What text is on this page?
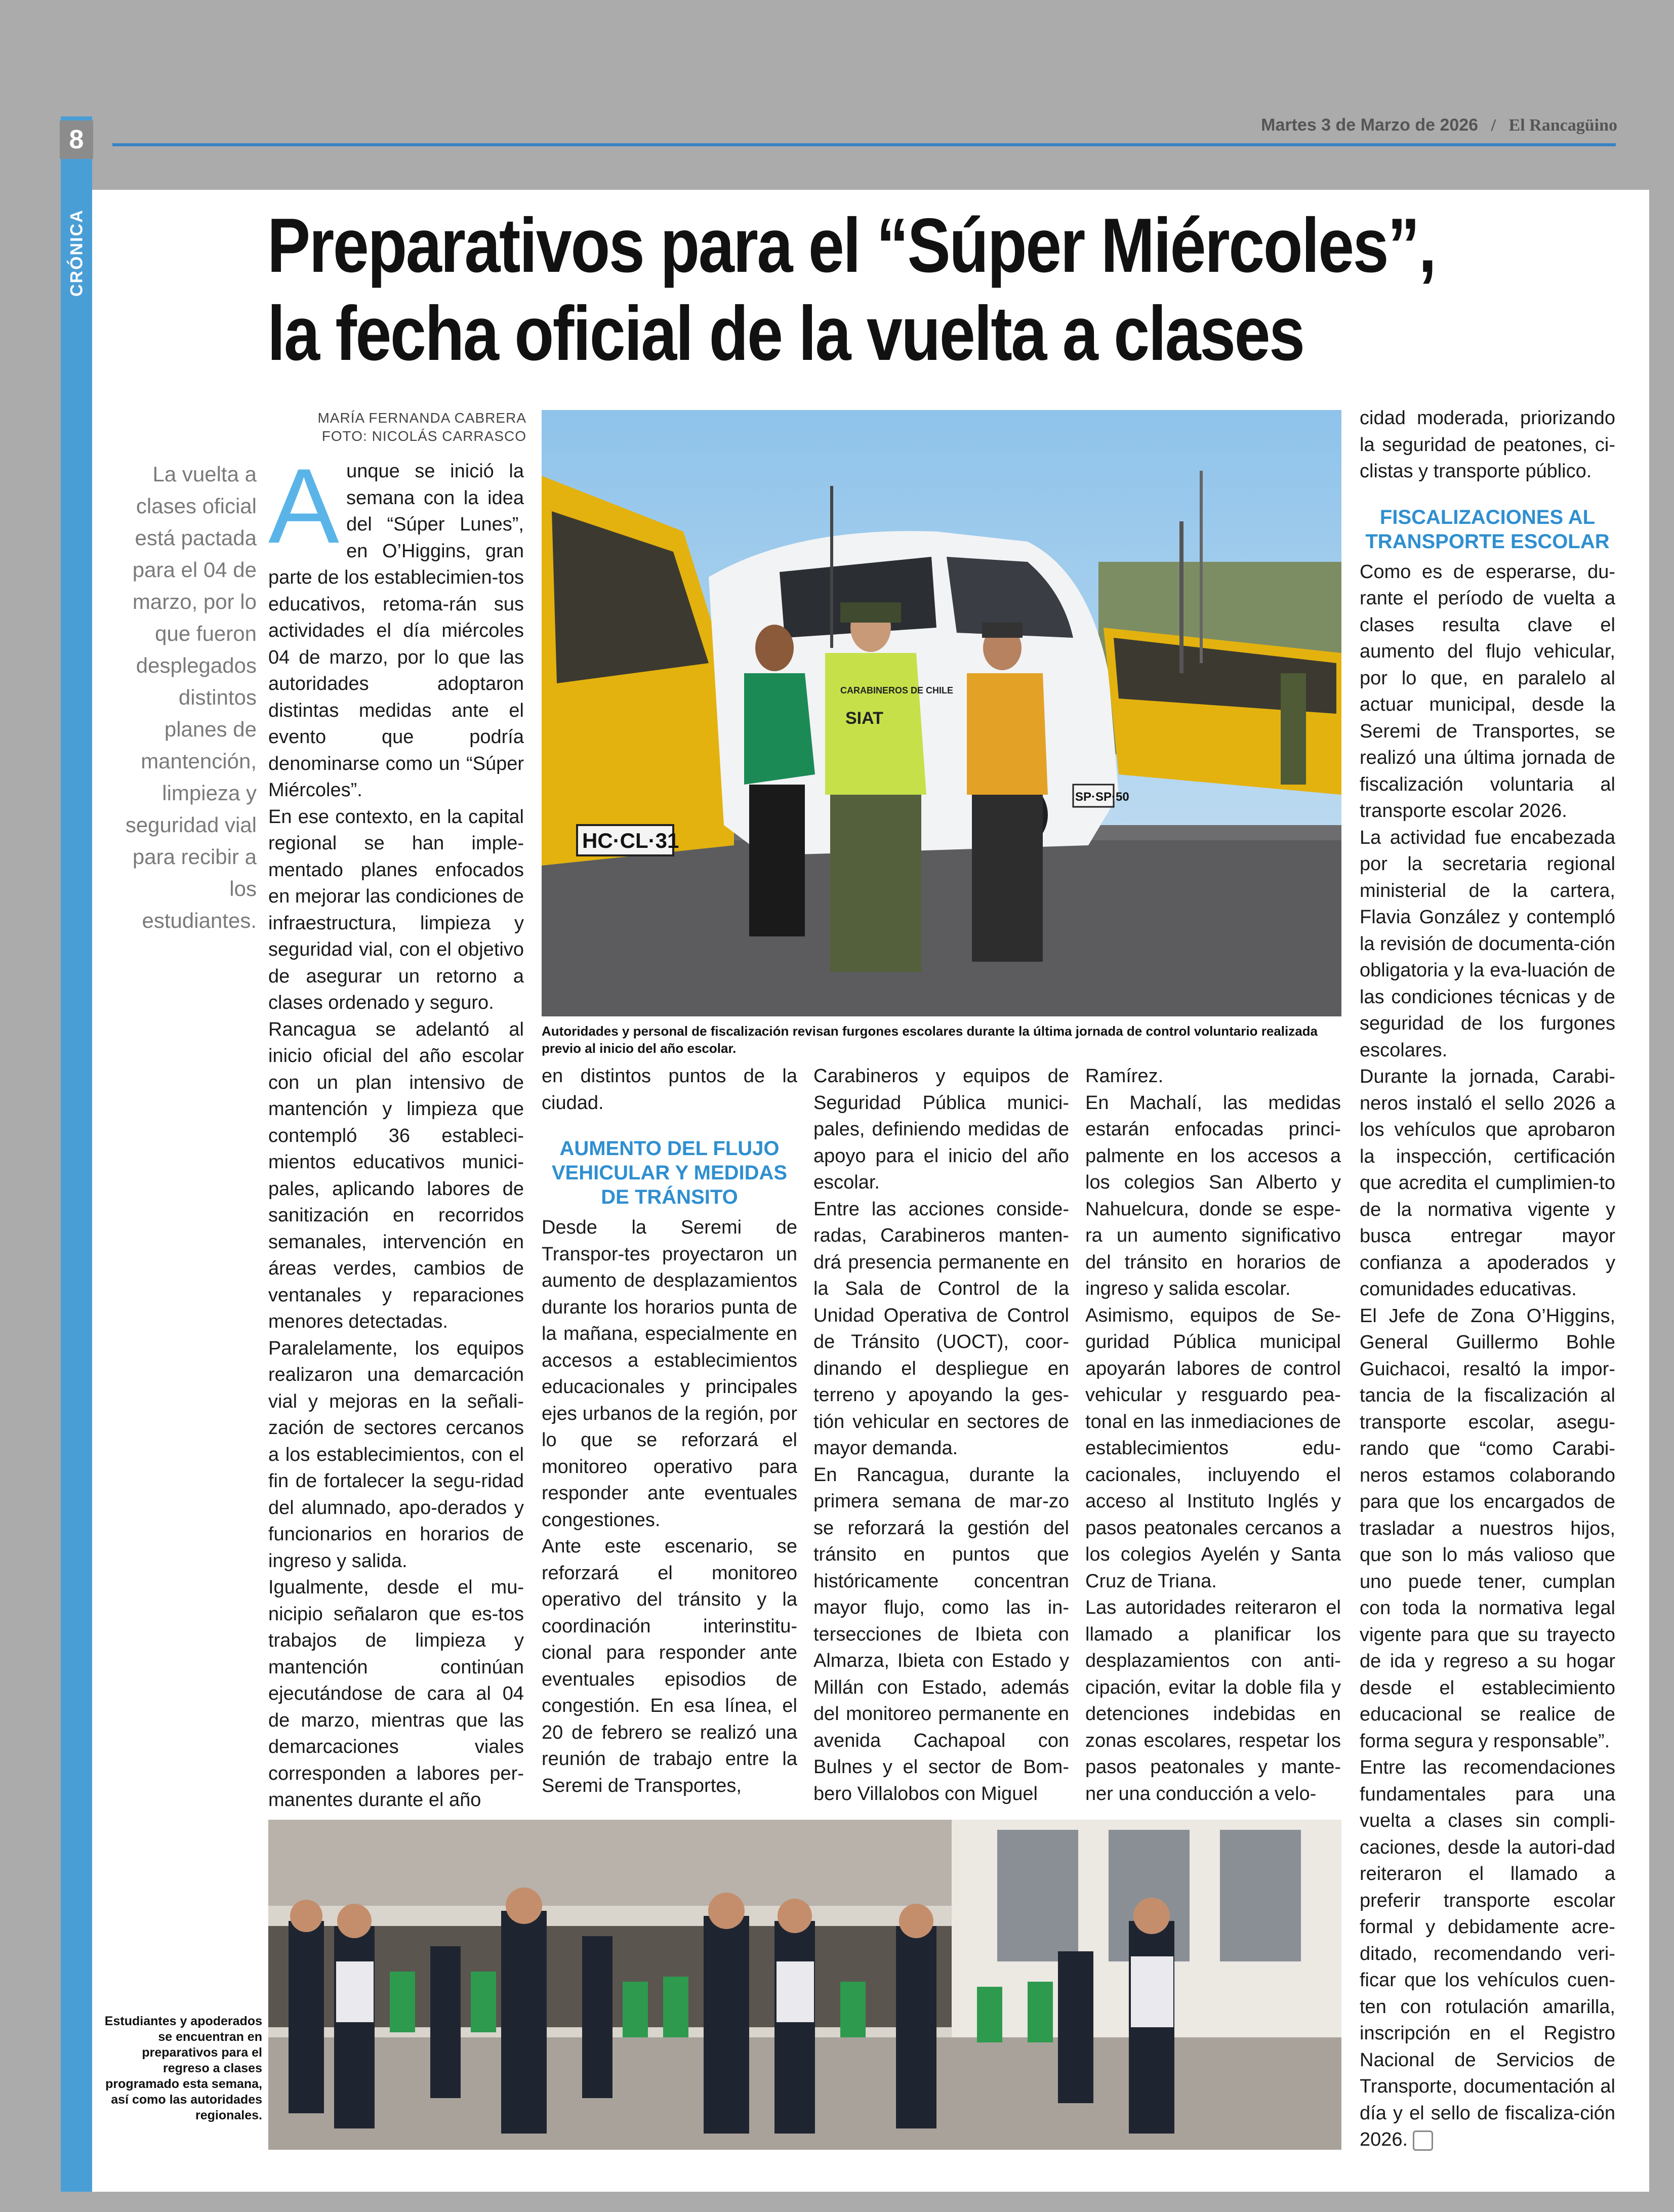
8
CRÓNICA
Martes 3 de Marzo de 2026 / El Rancagüino
Preparativos para el “Súper Miércoles”,
la fecha oficial de la vuelta a clases
MARÍA FERNANDA CABRERA
FOTO: NICOLÁS CARRASCO
La vuelta a clases oficial está pactada para el 04 de marzo, por lo que fueron desplegados distintos planes de mantención, limpieza y seguridad vial para recibir a los estudiantes.
A unque se inició la semana con la idea del “Súper Lunes”, en O’Higgins, gran parte de los establecimien-tos educativos, retoma-rán sus actividades el día miércoles 04 de marzo, por lo que las autoridades adoptaron distintas medidas ante el evento que podría denominarse como un “Súper Miércoles”.

En ese contexto, en la capital regional se han imple-mentado planes enfocados en mejorar las condiciones de infraestructura, limpieza y seguridad vial, con el objetivo de asegurar un retorno a clases ordenado y seguro.

Rancagua se adelantó al inicio oficial del año escolar con un plan intensivo de mantención y limpieza que contempló 36 estableci-mientos educativos munici-pales, aplicando labores de sanitización en recorridos semanales, intervención en áreas verdes, cambios de ventanales y reparaciones menores detectadas.

Paralelamente, los equipos realizaron una demarcación vial y mejoras en la señali-zación de sectores cercanos a los establecimientos, con el fin de fortalecer la segu-ridad del alumnado, apo-derados y funcionarios en horarios de ingreso y salida.

Igualmente, desde el mu-nicipio señalaron que es-tos trabajos de limpieza y mantención continúan ejecutándose de cara al 04 de marzo, mientras que las demarcaciones viales corresponden a labores per-manentes durante el año

HC·CL·31
SP·SP·50
CARABINEROS DE CHILE
SIAT
Autoridades y personal de fiscalización revisan furgones escolares durante la última jornada de control voluntario realizada previo al inicio del año escolar.

en distintos puntos de la ciudad.

AUMENTO DEL FLUJO VEHICULAR Y MEDIDAS DE TRÁNSITO

Desde la Seremi de Transpor-tes proyectaron un aumento de desplazamientos durante los horarios punta de la mañana, especialmente en accesos a establecimientos educacionales y principales ejes urbanos de la región, por lo que se reforzará el monitoreo operativo para responder ante eventuales congestiones.

Ante este escenario, se reforzará el monitoreo operativo del tránsito y la coordinación interinstitu-cional para responder ante eventuales episodios de congestión. En esa línea, el 20 de febrero se realizó una reunión de trabajo entre la Seremi de Transportes,

Carabineros y equipos de Seguridad Pública munici-pales, definiendo medidas de apoyo para el inicio del año escolar.

Entre las acciones conside-radas, Carabineros manten-drá presencia permanente en la Sala de Control de la Unidad Operativa de Control de Tránsito (UOCT), coor-dinando el despliegue en terreno y apoyando la ges-tión vehicular en sectores de mayor demanda.

En Rancagua, durante la primera semana de mar-zo se reforzará la gestión del tránsito en puntos que históricamente concentran mayor flujo, como las in-tersecciones de Ibieta con Almarza, Ibieta con Estado y Millán con Estado, además del monitoreo permanente en avenida Cachapoal con Bulnes y el sector de Bom-bero Villalobos con Miguel

Ramírez.

En Machalí, las medidas estarán enfocadas princi-palmente en los accesos a los colegios San Alberto y Nahuelcura, donde se espe-ra un aumento significativo del tránsito en horarios de ingreso y salida escolar.

Asimismo, equipos de Se-guridad Pública municipal apoyarán labores de control vehicular y resguardo pea-tonal en las inmediaciones de establecimientos edu-cacionales, incluyendo el acceso al Instituto Inglés y pasos peatonales cercanos a los colegios Ayelén y Santa Cruz de Triana.

Las autoridades reiteraron el llamado a planificar los desplazamientos con anti-cipación, evitar la doble fila y detenciones indebidas en zonas escolares, respetar los pasos peatonales y mante-ner una conducción a velo-

cidad moderada, priorizando la seguridad de peatones, ci-clistas y transporte público.

FISCALIZACIONES AL TRANSPORTE ESCOLAR

Como es de esperarse, du-rante el período de vuelta a clases resulta clave el aumento del flujo vehicular, por lo que, en paralelo al actuar municipal, desde la Seremi de Transportes, se realizó una última jornada de fiscalización voluntaria al transporte escolar 2026.

La actividad fue encabezada por la secretaria regional ministerial de la cartera, Flavia González y contempló la revisión de documenta-ción obligatoria y la eva-luación de las condiciones técnicas y de seguridad de los furgones escolares.

Durante la jornada, Carabi-neros instaló el sello 2026 a los vehículos que aprobaron la inspección, certificación que acredita el cumplimien-to de la normativa vigente y busca entregar mayor confianza a apoderados y comunidades educativas.

El Jefe de Zona O’Higgins, General Guillermo Bohle Guichacoi, resaltó la impor-tancia de la fiscalización al transporte escolar, asegu-rando que “como Carabi-neros estamos colaborando para que los encargados de trasladar a nuestros hijos, que son lo más valioso que uno puede tener, cumplan con toda la normativa legal vigente para que su trayecto de ida y regreso a su hogar desde el establecimiento educacional se realice de forma segura y responsable”.

Entre las recomendaciones fundamentales para una vuelta a clases sin compli-caciones, desde la autori-dad reiteraron el llamado a preferir transporte escolar formal y debidamente acre-ditado, recomendando veri-ficar que los vehículos cuen-ten con rotulación amarilla, inscripción en el Registro Nacional de Servicios de Transporte, documentación al día y el sello de fiscaliza-ción 2026.

Estudiantes y apoderados se encuentran en preparativos para el regreso a clases programado esta semana, así como las autoridades regionales.
